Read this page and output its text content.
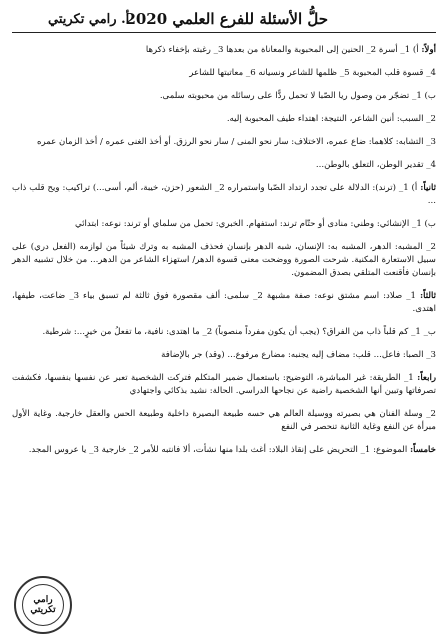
حلُّ الأسئلة للفرع العلمي 2020
أ. رامي تكريتي

أولاً: أ) 1_ أسرة 2_ الحنين إلى المحبوبة والمعاناة من بعدها 3_ رغبته بإخفاء ذكرها

4_ قسوة قلب المحبوبة 5_ ظلمها للشاعر ونسيانه 6_ معاتبتها للشاعر

ب) 1_ تضجّر من وصول ريا الصّبا لا تحمل ردًّا على رسائله من محبوبته سلمى.

2_ السبب: أنين الشاعر، النتيجة: اهتداء طيف المحبوبة إليه.

3_ التشابه: كلاهما: ضاع عمره، الاختلاف: سار نحو المنى / سار نحو الرزق. أو أخذ الغنى عمره / أخذ الزمان عمره

4_ تقدير الوطن، التعلق بالوطن...

ثانياً: أ) 1_ (ترند): الدلالة على تجدد ارتداد الصّبا واستمراره 2_ الشعور (حزن، خيبة، ألم، أسى...) تراكيب: ويح قلب ذاب ...

ب) 1_ الإنشائي: وطني: منادى أو حتّام ترند: استفهام. الخبري: تحمل من سلماي أو ترند: نوعه: ابتدائي

2_ المشبه: الدهر، المشبه به: الإنسان، شبه الدهر بإنسان فحذف المشبه به وترك شيئاً من لوازمه (الفعل دري) على سبيل الاستعارة المكنية. شرحت الصورة ووضحت معنى قسوة الدهر/ استهزاء الشاعر من الدهر... من خلال تشبيه الدهر بإنسان فأقنعت المتلقي بصدق المضمون.

ثالثاً: 1_ صلاد: اسم مشتق نوعه: صفة مشبهة 2_ سلمى: ألف مقصورة فوق ثالثة لم تسبق بياء 3_ ضاعت، طيفها، اهتدى.

ب_ 1_ كم قلباً ذاب من الفراق؟ (يجب أن يكون مفرداً منصوباً) 2_ ما اهتدى: نافية، ما تفعلُ من خيرٍ...: شرطية.

3_ الصبا: فاعل... قلب: مضاف إليه يجنبه: مضارع مرفوع... (وقد) جر بالإضافة

رابعاً: 1_ الطريقة: غير المباشرة، التوضيح: باستعمال ضمير المتكلم فتركت الشخصية تعبر عن نفسها بنفسها، فكشفت تصرفاتها وتبين أنها الشخصية راضية عن نجاحها الدراسي. الحالة: نشيد بذكائي واجتهادي

2_ وسلة الفنان هي بصيرته ووسيلة العالم هي حسه طبيعة البصيرة داخلية وطبيعة الحس والعقل خارجية. وغاية الأول مبرأة عن النفع وغاية الثانية تنحصر في النفع

خامساً: الموضوع: 1_ التحريض على إنقاذ البلاد: أغث بلدا منها نشأت، ألا فانتبه للأمر 2_ خارجية 3_ يا عروس المجد.

رامي تكريتي
